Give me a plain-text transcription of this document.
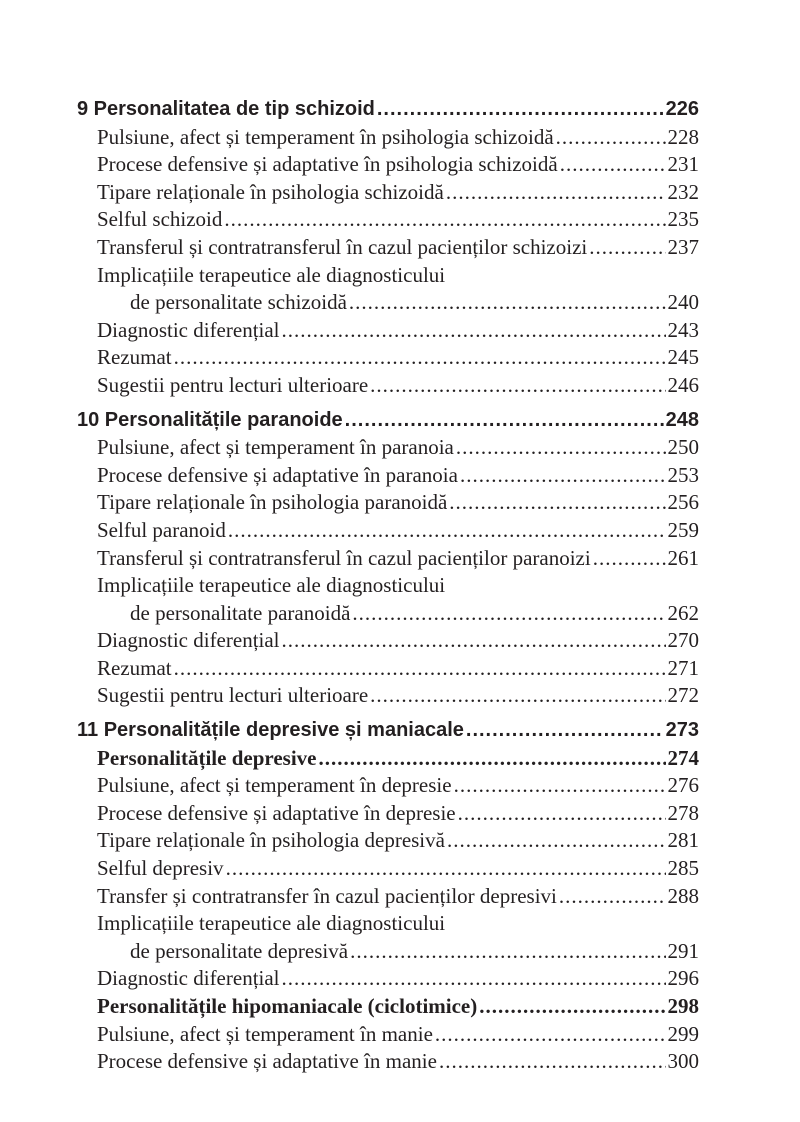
9 Personalitatea de tip schizoid .....	226
Pulsiune, afect și temperament în psihologia schizoidă .....	228
Procese defensive și adaptative în psihologia schizoidă .....	231
Tipare relaționale în psihologia schizoidă .....	232
Selful schizoid .....	235
Transferul și contratransferul în cazul pacienților schizoizi .....	237
Implicațiile terapeutice ale diagnosticului
de personalitate schizoidă .....	240
Diagnostic diferențial .....	243
Rezumat .....	245
Sugestii pentru lecturi ulterioare .....	246
10 Personalitățile paranoide .....	248
Pulsiune, afect și temperament în paranoia .....	250
Procese defensive și adaptative în paranoia .....	253
Tipare relaționale în psihologia paranoidă .....	256
Selful paranoid .....	259
Transferul și contratransferul în cazul pacienților paranoizi .....	261
Implicațiile terapeutice ale diagnosticului
de personalitate paranoidă .....	262
Diagnostic diferențial .....	270
Rezumat .....	271
Sugestii pentru lecturi ulterioare .....	272
11 Personalitățile depresive și maniacale .....	273
Personalitățile depresive .....	274
Pulsiune, afect și temperament în depresie .....	276
Procese defensive și adaptative în depresie .....	278
Tipare relaționale în psihologia depresivă .....	281
Selful depresiv .....	285
Transfer și contratransfer în cazul pacienților depresivi .....	288
Implicațiile terapeutice ale diagnosticului
de personalitate depresivă .....	291
Diagnostic diferențial .....	296
Personalitățile hipomaniacale (ciclotimice) .....	298
Pulsiune, afect și temperament în manie .....	299
Procese defensive și adaptative în manie .....	300
